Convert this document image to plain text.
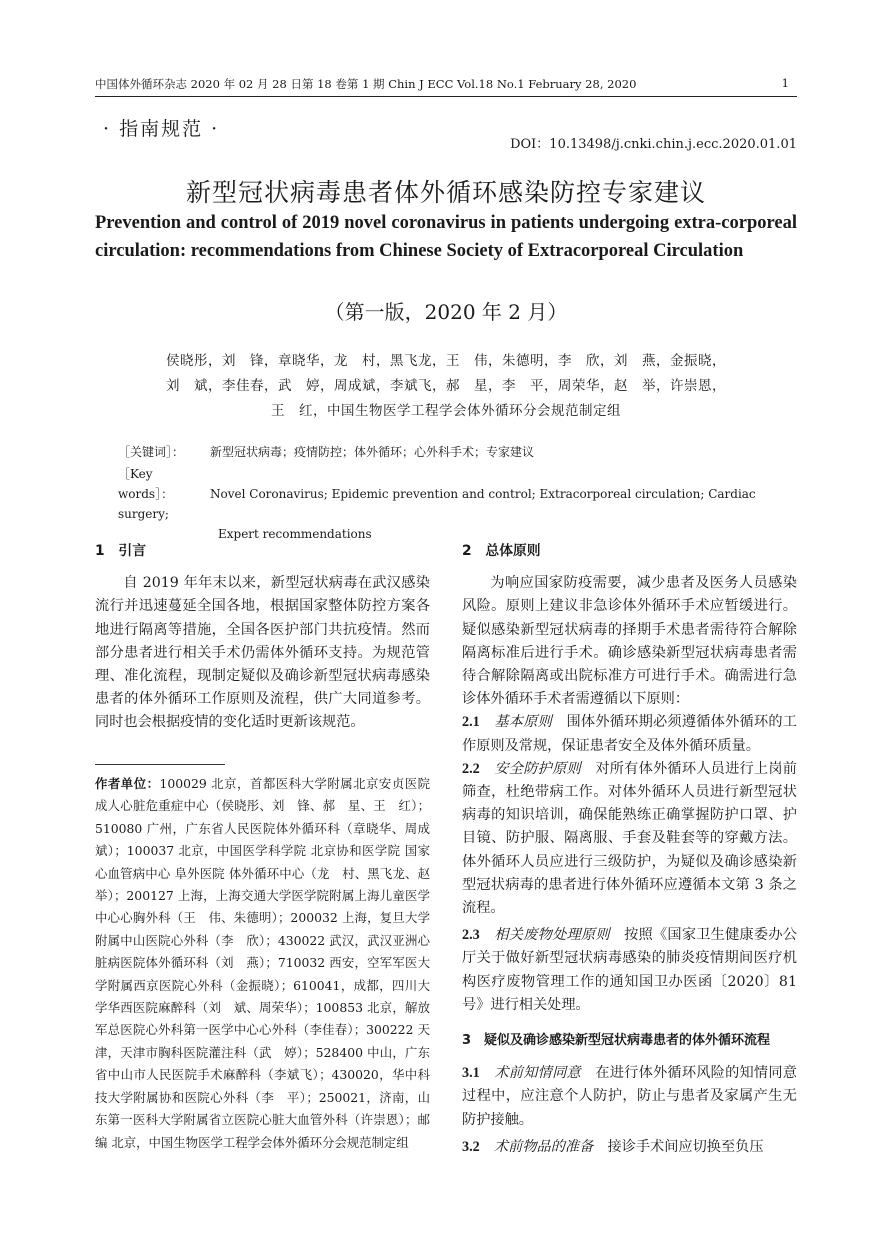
中国体外循环杂志 2020 年 02 月 28 日第 18 卷第 1 期 Chin J ECC Vol.18 No.1 February 28, 2020	1
· 指南规范 ·
DOI：10.13498/j.cnki.chin.j.ecc.2020.01.01
新型冠状病毒患者体外循环感染防控专家建议
Prevention and control of 2019 novel coronavirus in patients undergoing extra-corporeal circulation: recommendations from Chinese Society of Extracorporeal Circulation
（第一版，2020 年 2 月）
侯晓彤，刘　锋，章晓华，龙　村，黑飞龙，王　伟，朱德明，李　欣，刘　燕，金振晓，
刘　斌，李佳春，武　婷，周成斌，李斌飞，郝　星，李　平，周荣华，赵　举，许崇恩，
王　红，中国生物医学工程学会体外循环分会规范制定组
［关键词］： 新型冠状病毒；疫情防控；体外循环；心外科手术；专家建议
［Key words］：	Novel Coronavirus; Epidemic prevention and control; Extracorporeal circulation; Cardiac surgery;
Expert recommendations

1　引言

自 2019 年年末以来，新型冠状病毒在武汉感染流行并迅速蔓延全国各地，根据国家整体防控方案各地进行隔离等措施，全国各医护部门共抗疫情。然而部分患者进行相关手术仍需体外循环支持。为规范管理、准化流程，现制定疑似及确诊新型冠状病毒感染患者的体外循环工作原则及流程，供广大同道参考。同时也会根据疫情的变化适时更新该规范。

作者单位：100029 北京，首都医科大学附属北京安贞医院成人心脏危重症中心（侯晓彤、刘　锋、郝　星、王　红）；510080 广州，广东省人民医院体外循环科（章晓华、周成斌）；100037 北京，中国医学科学院 北京协和医学院 国家心血管病中心 阜外医院 体外循环中心（龙　村、黑飞龙、赵　举）；200127 上海，上海交通大学医学院附属上海儿童医学中心心胸外科（王　伟、朱德明）；200032 上海，复旦大学附属中山医院心外科（李　欣）；430022 武汉，武汉亚洲心脏病医院体外循环科（刘　燕）；710032 西安，空军军医大学附属西京医院心外科（金振晓）；610041，成都，四川大学华西医院麻醉科（刘　斌、周荣华）；100853 北京，解放军总医院心外科第一医学中心心外科（李佳春）；300222 天津，天津市胸科医院灌注科（武　婷）；528400 中山，广东省中山市人民医院手术麻醉科（李斌飞）；430020，华中科技大学附属协和医院心外科（李　平）；250021，济南，山东第一医科大学附属省立医院心脏大血管外科（许崇恩）；邮编 北京，中国生物医学工程学会体外循环分会规范制定组

2　总体原则

为响应国家防疫需要，减少患者及医务人员感染风险。原则上建议非急诊体外循环手术应暂缓进行。疑似感染新型冠状病毒的择期手术患者需待符合解除隔离标准后进行手术。确诊感染新型冠状病毒患者需待合解除隔离或出院标准方可进行手术。确需进行急诊体外循环手术者需遵循以下原则：

2.1　 基本原则　 围体外循环期必须遵循体外循环的工作原则及常规，保证患者安全及体外循环质量。

2.2　 安全防护原则　 对所有体外循环人员进行上岗前筛查，杜绝带病工作。对体外循环人员进行新型冠状病毒的知识培训，确保能熟练正确掌握防护口罩、护目镜、防护服、隔离服、手套及鞋套等的穿戴方法。体外循环人员应进行三级防护，为疑似及确诊感染新型冠状病毒的患者进行体外循环应遵循本文第 3 条之流程。

2.3　 相关废物处理原则　 按照《国家卫生健康委办公厅关于做好新型冠状病毒感染的肺炎疫情期间医疗机构医疗废物管理工作的通知国卫办医函〔2020〕81 号》进行相关处理。

3　疑似及确诊感染新型冠状病毒患者的体外循环流程

3.1　 术前知情同意　 在进行体外循环风险的知情同意过程中，应注意个人防护，防止与患者及家属产生无防护接触。

3.2　 术前物品的准备　 接诊手术间应切换至负压
